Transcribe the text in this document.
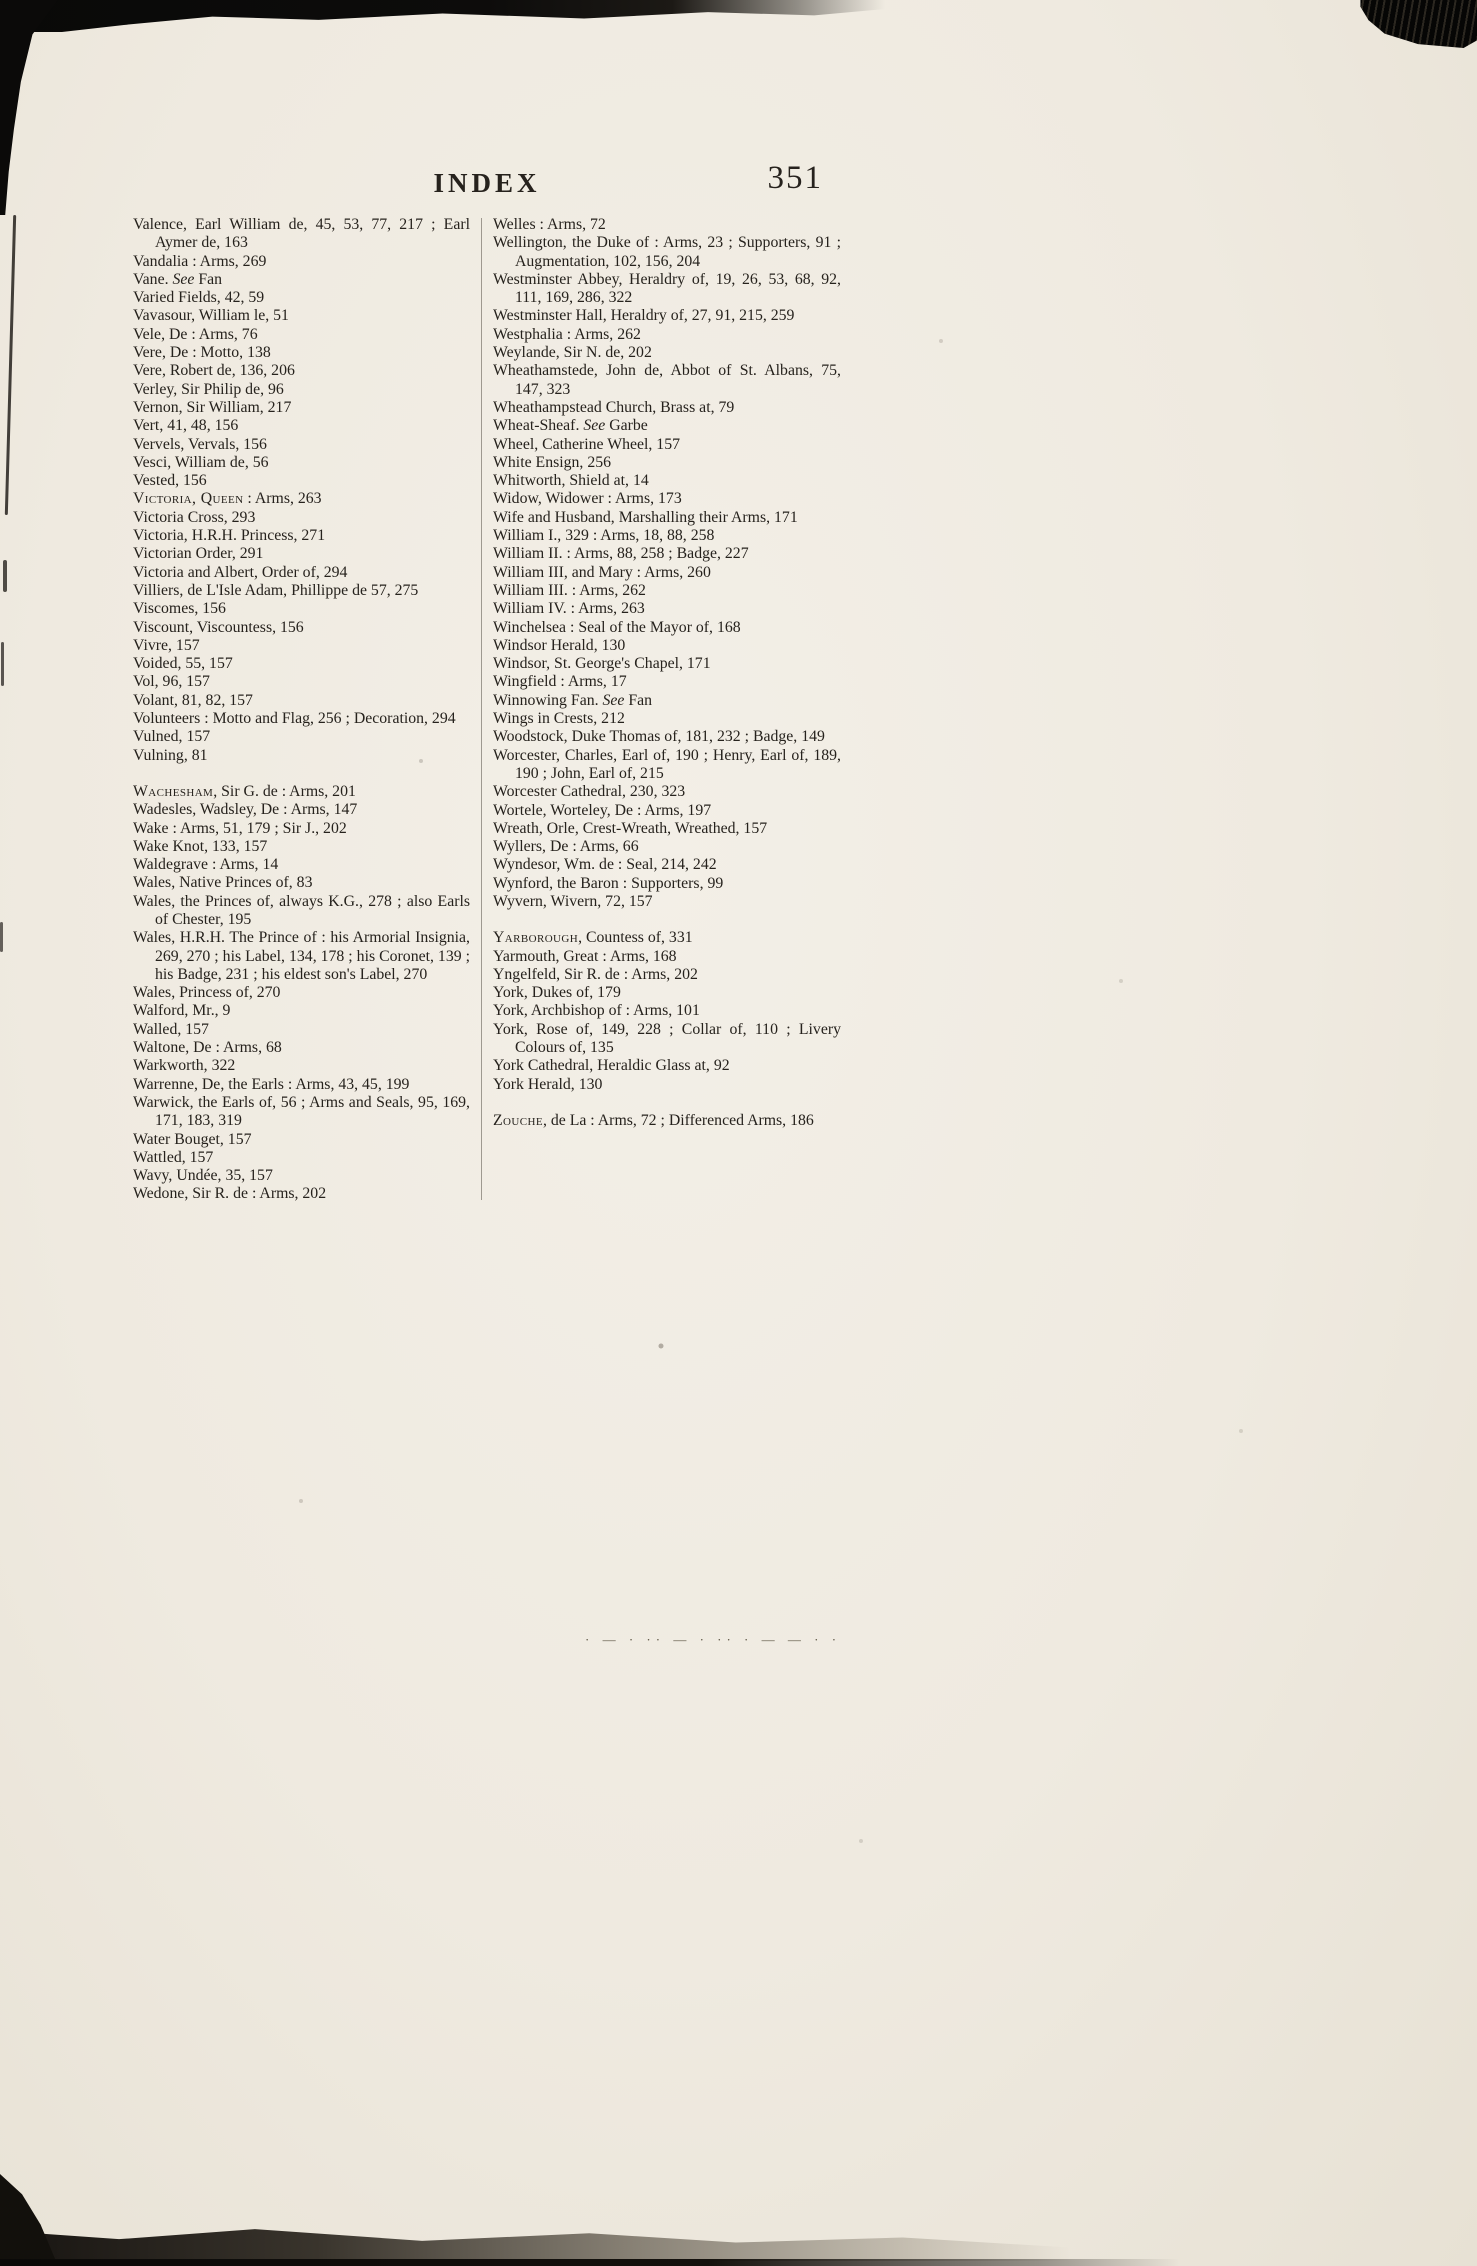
· — · ·· — · ·· · — — · ·
INDEX	351

Valence, Earl William de, 45, 53, 77, 217 ; Earl Aymer de, 163

Vandalia : Arms, 269

Vane. See Fan

Varied Fields, 42, 59

Vavasour, William le, 51

Vele, De : Arms, 76

Vere, De : Motto, 138

Vere, Robert de, 136, 206

Verley, Sir Philip de, 96

Vernon, Sir William, 217

Vert, 41, 48, 156

Vervels, Vervals, 156

Vesci, William de, 56

Vested, 156

Victoria, Queen : Arms, 263

Victoria Cross, 293

Victoria, H.R.H. Princess, 271

Victorian Order, 291

Victoria and Albert, Order of, 294

Villiers, de L'Isle Adam, Phillippe de 57, 275

Viscomes, 156

Viscount, Viscountess, 156

Vivre, 157

Voided, 55, 157

Vol, 96, 157

Volant, 81, 82, 157

Volunteers : Motto and Flag, 256 ; Decoration, 294

Vulned, 157

Vulning, 81

Wachesham, Sir G. de : Arms, 201

Wadesles, Wadsley, De : Arms, 147

Wake : Arms, 51, 179 ; Sir J., 202

Wake Knot, 133, 157

Waldegrave : Arms, 14

Wales, Native Princes of, 83

Wales, the Princes of, always K.G., 278 ; also Earls of Chester, 195

Wales, H.R.H. The Prince of : his Armorial Insignia, 269, 270 ; his Label, 134, 178 ; his Coronet, 139 ; his Badge, 231 ; his eldest son's Label, 270

Wales, Princess of, 270

Walford, Mr., 9

Walled, 157

Waltone, De : Arms, 68

Warkworth, 322

Warrenne, De, the Earls : Arms, 43, 45, 199

Warwick, the Earls of, 56 ; Arms and Seals, 95, 169, 171, 183, 319

Water Bouget, 157

Wattled, 157

Wavy, Undée, 35, 157

Wedone, Sir R. de : Arms, 202

Welles : Arms, 72

Wellington, the Duke of : Arms, 23 ; Supporters, 91 ; Augmentation, 102, 156, 204

Westminster Abbey, Heraldry of, 19, 26, 53, 68, 92, 111, 169, 286, 322

Westminster Hall, Heraldry of, 27, 91, 215, 259

Westphalia : Arms, 262

Weylande, Sir N. de, 202

Wheathamstede, John de, Abbot of St. Albans, 75, 147, 323

Wheathampstead Church, Brass at, 79

Wheat-Sheaf. See Garbe

Wheel, Catherine Wheel, 157

White Ensign, 256

Whitworth, Shield at, 14

Widow, Widower : Arms, 173

Wife and Husband, Marshalling their Arms, 171

William I., 329 : Arms, 18, 88, 258

William II. : Arms, 88, 258 ; Badge, 227

William III, and Mary : Arms, 260

William III. : Arms, 262

William IV. : Arms, 263

Winchelsea : Seal of the Mayor of, 168

Windsor Herald, 130

Windsor, St. George's Chapel, 171

Wingfield : Arms, 17

Winnowing Fan. See Fan

Wings in Crests, 212

Woodstock, Duke Thomas of, 181, 232 ; Badge, 149

Worcester, Charles, Earl of, 190 ; Henry, Earl of, 189, 190 ; John, Earl of, 215

Worcester Cathedral, 230, 323

Wortele, Worteley, De : Arms, 197

Wreath, Orle, Crest-Wreath, Wreathed, 157

Wyllers, De : Arms, 66

Wyndesor, Wm. de : Seal, 214, 242

Wynford, the Baron : Supporters, 99

Wyvern, Wivern, 72, 157

Yarborough, Countess of, 331

Yarmouth, Great : Arms, 168

Yngelfeld, Sir R. de : Arms, 202

York, Dukes of, 179

York, Archbishop of : Arms, 101

York, Rose of, 149, 228 ; Collar of, 110 ; Livery Colours of, 135

York Cathedral, Heraldic Glass at, 92

York Herald, 130

Zouche, de La : Arms, 72 ; Differenced Arms, 186
